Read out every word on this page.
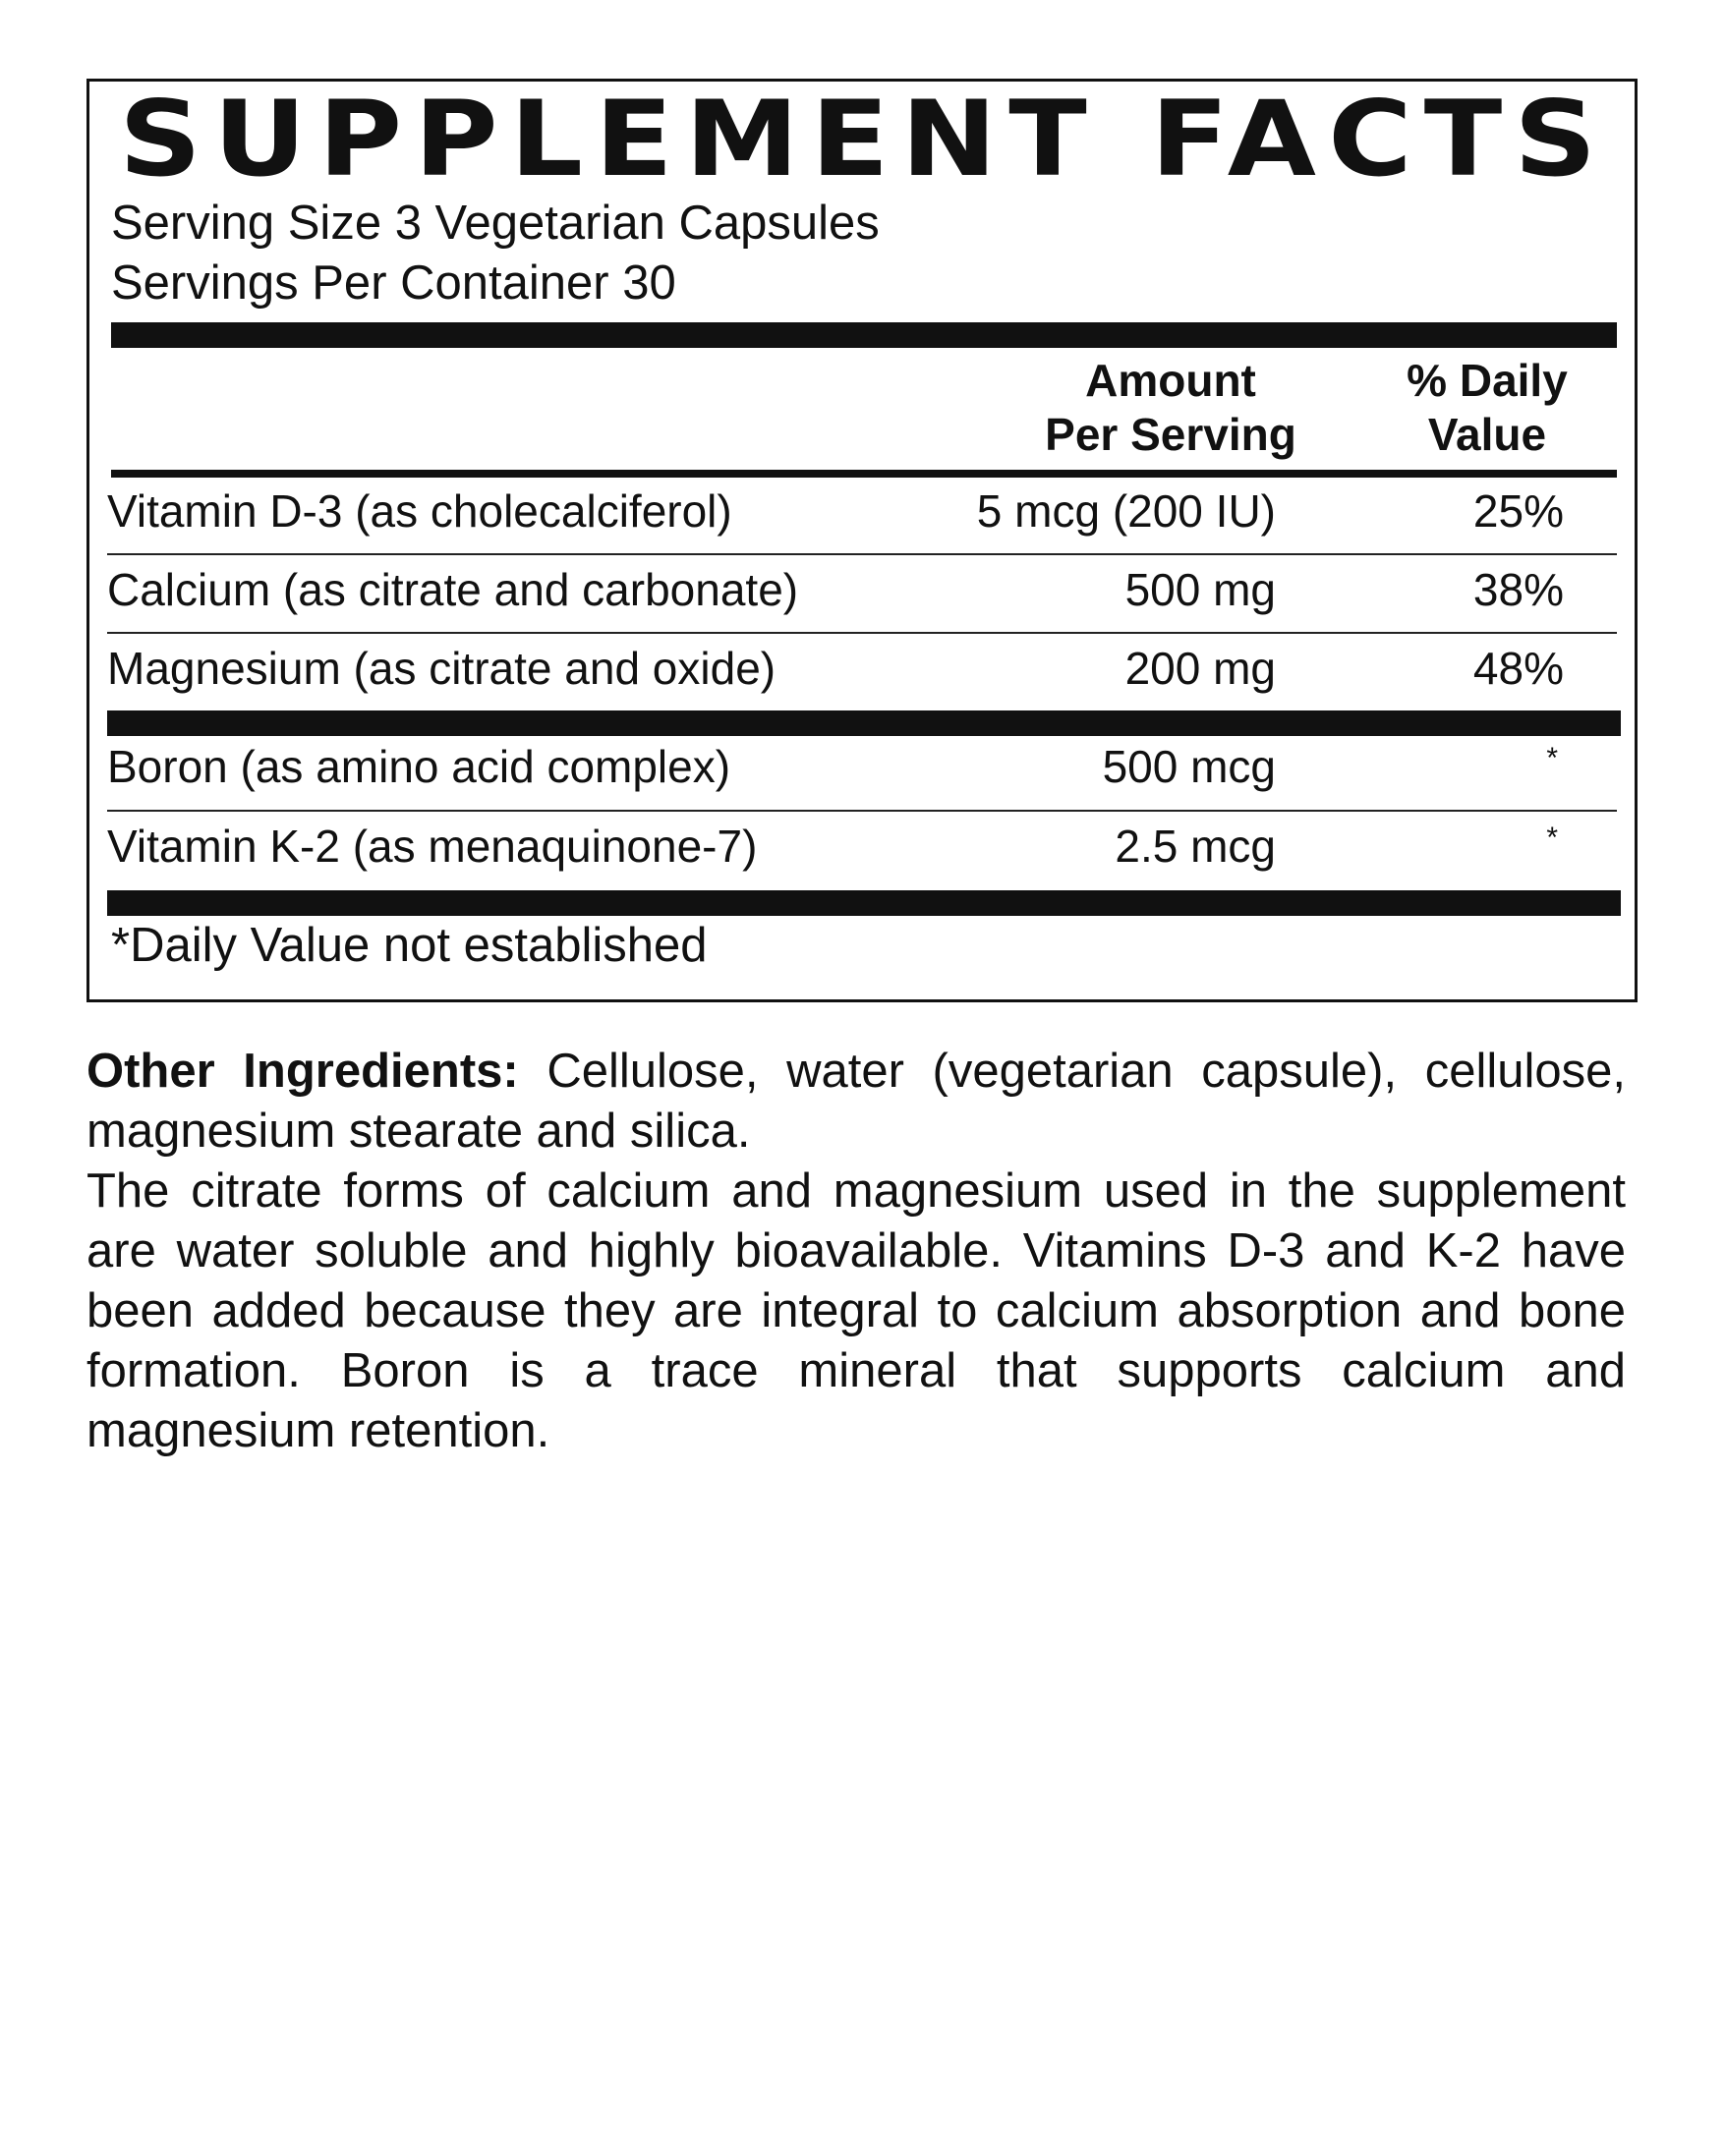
SUPPLEMENT FACTS
Serving Size 3 Vegetarian Capsules
Servings Per Container 30
Amount
Per Serving
% Daily
Value
Vitamin D-3 (as cholecalciferol)	5 mcg (200 IU)	25%
Calcium (as citrate and carbonate)	500 mg	38%
Magnesium (as citrate and oxide)	200 mg	48%
Boron (as amino acid complex)	500 mcg	*
Vitamin K-2 (as menaquinone-7)	2.5 mcg	*
*Daily Value not established
Other Ingredients: Cellulose, water (vegetarian capsule), cellulose, magnesium stearate and silica.
The citrate forms of calcium and magnesium used in the supplement are water soluble and highly bioavailable. Vitamins D-3 and K-2 have been added because they are integral to calcium absorption and bone formation. Boron is a trace mineral that supports calcium and magnesium retention.
